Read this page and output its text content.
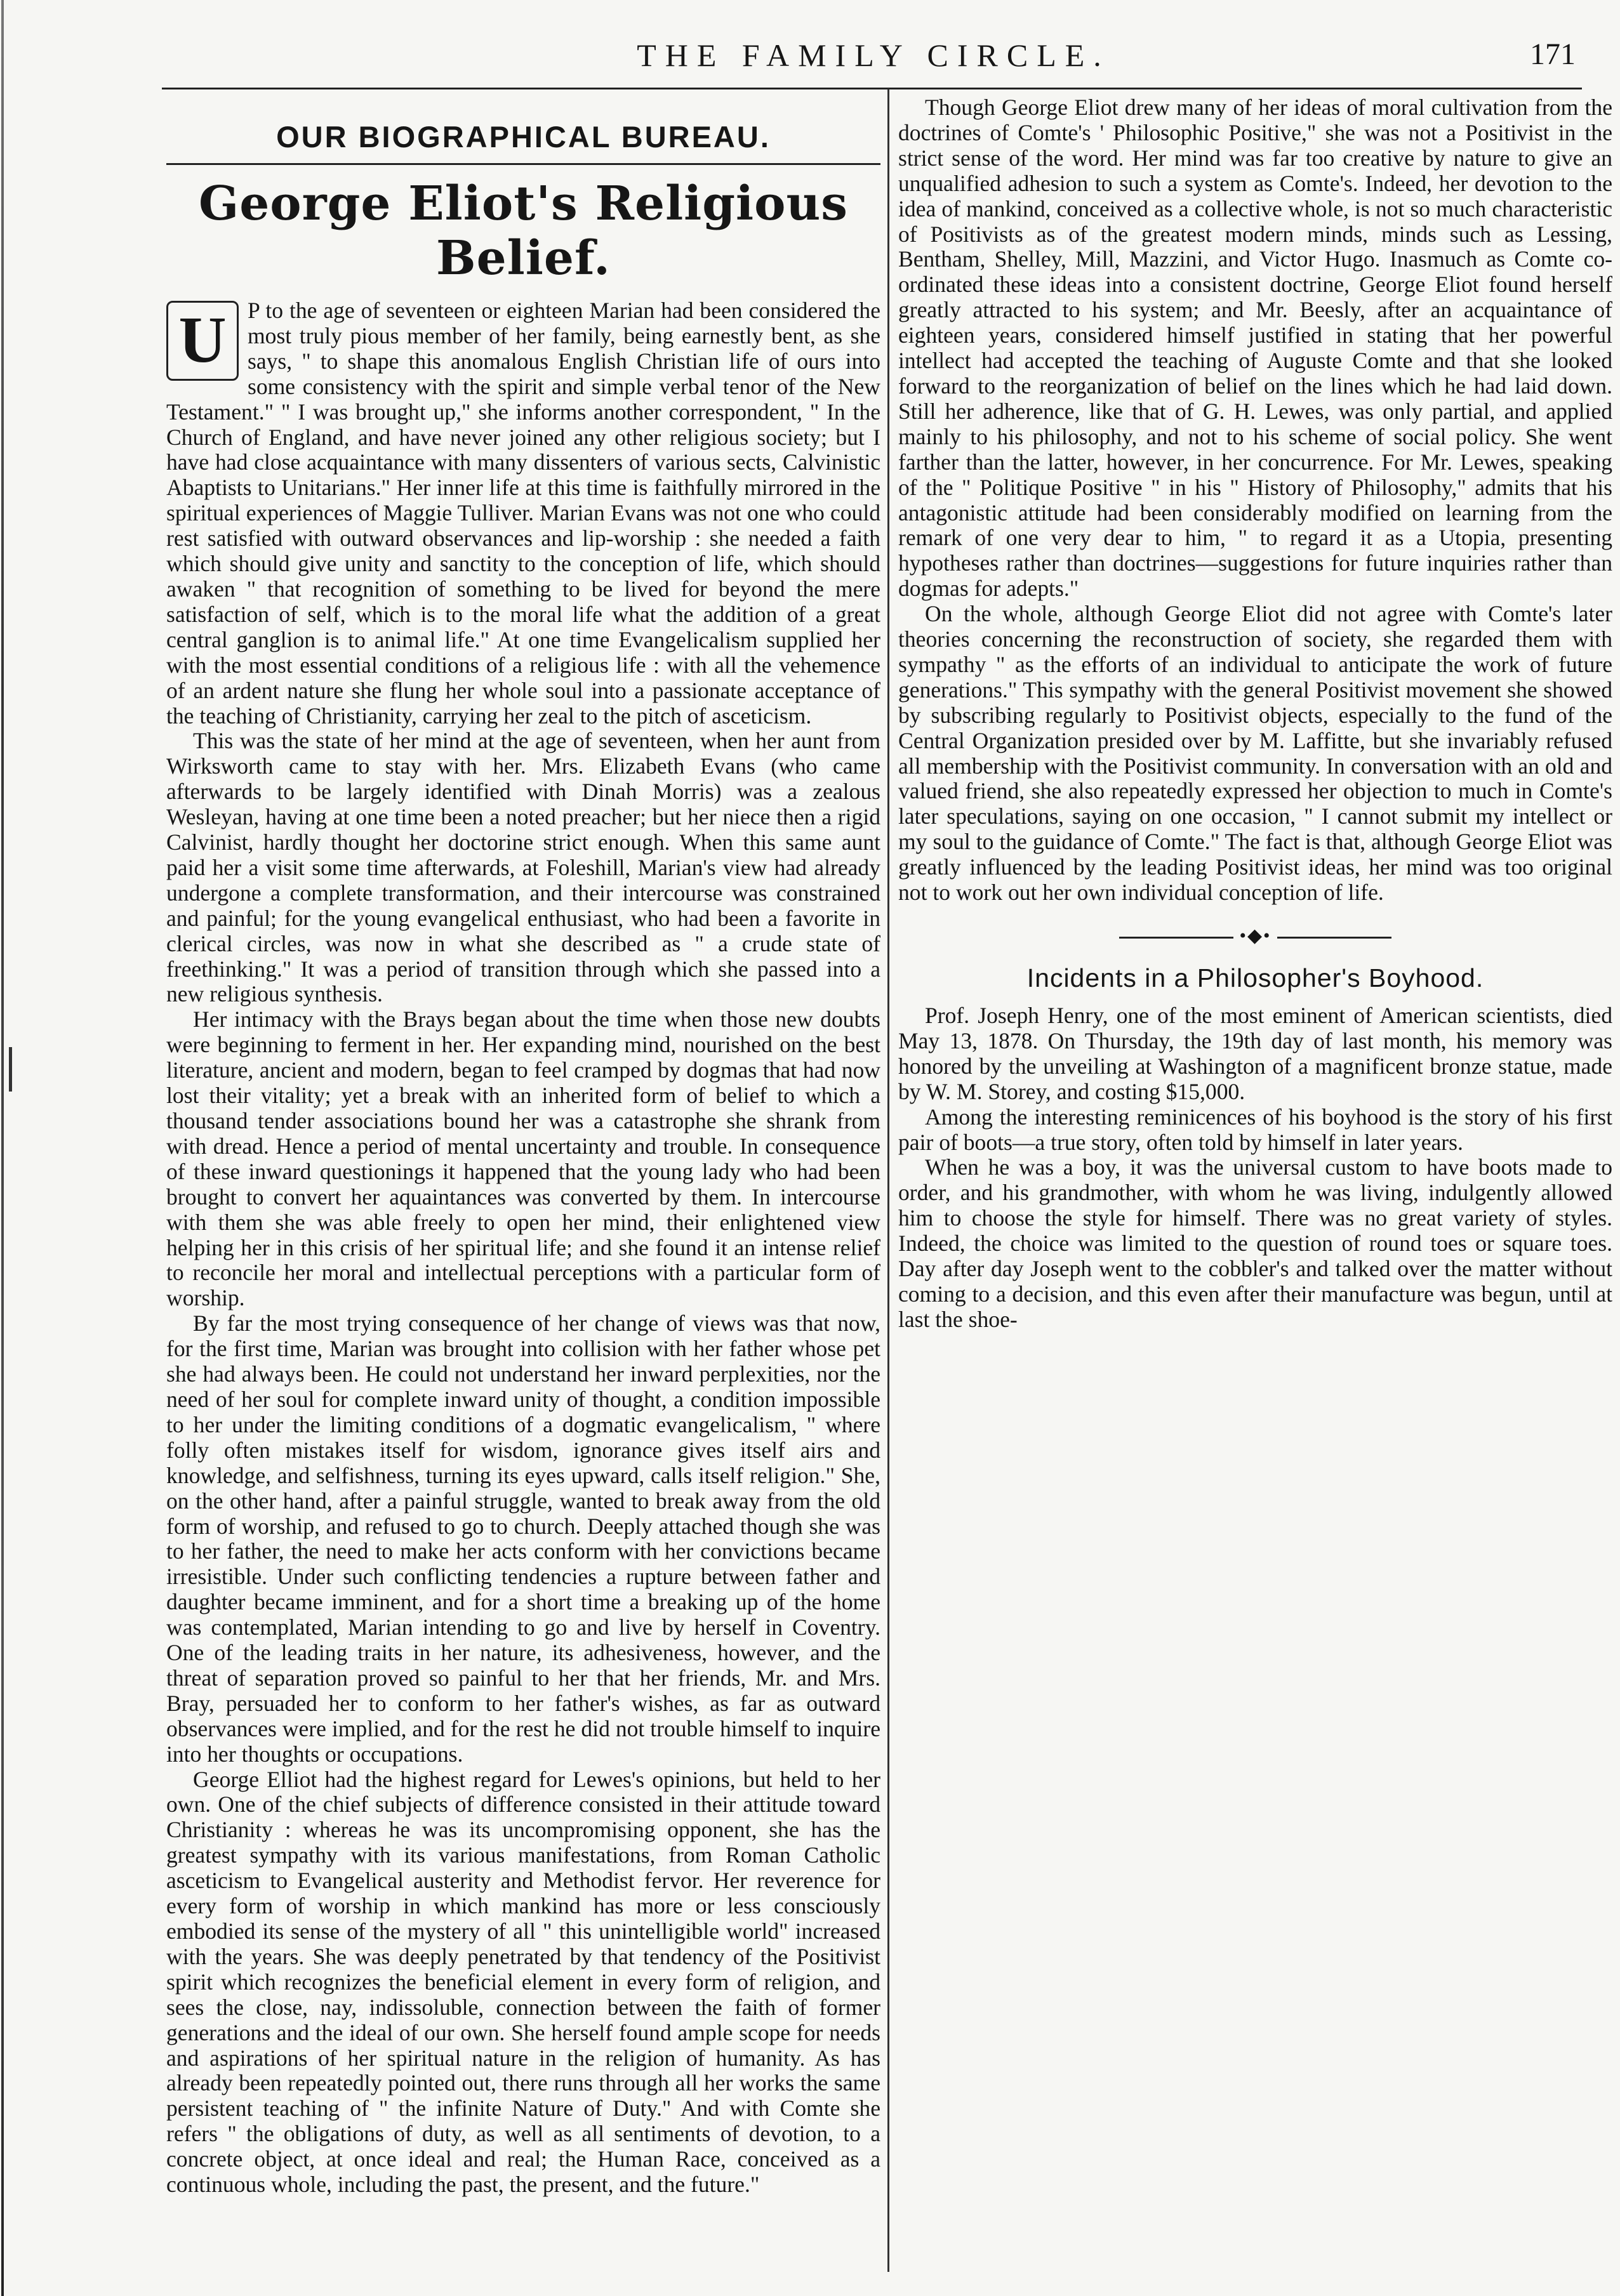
THE FAMILY CIRCLE.	171
OUR BIOGRAPHICAL BUREAU.
George Eliot's Religious Belief.

U P to the age of seventeen or eighteen Marian had been considered the most truly pious member of her family, being earnestly bent, as she says, " to shape this anomalous English Christian life of ours into some consistency with the spirit and simple verbal tenor of the New Testament." " I was brought up," she informs another correspondent, " In the Church of England, and have never joined any other religious society; but I have had close acquaintance with many dissenters of various sects, Calvinistic Abaptists to Unitarians." Her inner life at this time is faithfully mirrored in the spiritual experiences of Maggie Tulliver. Marian Evans was not one who could rest satisfied with outward observances and lip-worship : she needed a faith which should give unity and sanctity to the conception of life, which should awaken " that recognition of something to be lived for beyond the mere satisfaction of self, which is to the moral life what the addition of a great central ganglion is to animal life." At one time Evangelicalism supplied her with the most essential conditions of a religious life : with all the vehemence of an ardent nature she flung her whole soul into a passionate acceptance of the teaching of Christianity, carrying her zeal to the pitch of asceticism.

This was the state of her mind at the age of seventeen, when her aunt from Wirksworth came to stay with her. Mrs. Elizabeth Evans (who came afterwards to be largely identified with Dinah Morris) was a zealous Wesleyan, having at one time been a noted preacher; but her niece then a rigid Calvinist, hardly thought her doctorine strict enough. When this same aunt paid her a visit some time afterwards, at Foleshill, Marian's view had already undergone a complete transformation, and their intercourse was constrained and painful; for the young evangelical enthusiast, who had been a favorite in clerical circles, was now in what she described as " a crude state of freethinking." It was a period of transition through which she passed into a new religious synthesis.

Her intimacy with the Brays began about the time when those new doubts were beginning to ferment in her. Her expanding mind, nourished on the best literature, ancient and modern, began to feel cramped by dogmas that had now lost their vitality; yet a break with an inherited form of belief to which a thousand tender associations bound her was a catastrophe she shrank from with dread. Hence a period of mental uncertainty and trouble. In consequence of these inward questionings it happened that the young lady who had been brought to convert her aquaintances was converted by them. In intercourse with them she was able freely to open her mind, their enlightened view helping her in this crisis of her spiritual life; and she found it an intense relief to reconcile her moral and intellectual perceptions with a particular form of worship.

By far the most trying consequence of her change of views was that now, for the first time, Marian was brought into collision with her father whose pet she had always been. He could not understand her inward perplexities, nor the need of her soul for complete inward unity of thought, a condition impossible to her under the limiting conditions of a dogmatic evangelicalism, " where folly often mistakes itself for wisdom, ignorance gives itself airs and knowledge, and selfishness, turning its eyes upward, calls itself religion." She, on the other hand, after a painful struggle, wanted to break away from the old form of worship, and refused to go to church. Deeply attached though she was to her father, the need to make her acts conform with her convictions became irresistible. Under such conflicting tendencies a rupture between father and daughter became imminent, and for a short time a breaking up of the home was contemplated, Marian intending to go and live by herself in Coventry. One of the leading traits in her nature, its adhesiveness, however, and the threat of separation proved so painful to her that her friends, Mr. and Mrs. Bray, persuaded her to conform to her father's wishes, as far as outward observances were implied, and for the rest he did not trouble himself to inquire into her thoughts or occupations.

George Elliot had the highest regard for Lewes's opinions, but held to her own. One of the chief subjects of difference consisted in their attitude toward Christianity : whereas he was its uncompromising opponent, she has the greatest sympathy with its various manifestations, from Roman Catholic asceticism to Evangelical austerity and Methodist fervor. Her reverence for every form of worship in which mankind has more or less consciously embodied its sense of the mystery of all " this unintelligible world" increased with the years. She was deeply penetrated by that tendency of the Positivist spirit which recognizes the beneficial element in every form of religion, and sees the close, nay, indissoluble, connection between the faith of former generations and the ideal of our own. She herself found ample scope for needs and aspirations of her spiritual nature in the religion of humanity. As has already been repeatedly pointed out, there runs through all her works the same persistent teaching of " the infinite Nature of Duty." And with Comte she refers " the obligations of duty, as well as all sentiments of devotion, to a concrete object, at once ideal and real; the Human Race, conceived as a continuous whole, including the past, the present, and the future."

Though George Eliot drew many of her ideas of moral cultivation from the doctrines of Comte's ' Philosophic Positive," she was not a Positivist in the strict sense of the word. Her mind was far too creative by nature to give an unqualified adhesion to such a system as Comte's. Indeed, her devotion to the idea of mankind, conceived as a collective whole, is not so much characteristic of Positivists as of the greatest modern minds, minds such as Lessing, Bentham, Shelley, Mill, Mazzini, and Victor Hugo. Inasmuch as Comte co-ordinated these ideas into a consistent doctrine, George Eliot found herself greatly attracted to his system; and Mr. Beesly, after an acquaintance of eighteen years, considered himself justified in stating that her powerful intellect had accepted the teaching of Auguste Comte and that she looked forward to the reorganization of belief on the lines which he had laid down. Still her adherence, like that of G. H. Lewes, was only partial, and applied mainly to his philosophy, and not to his scheme of social policy. She went farther than the latter, however, in her concurrence. For Mr. Lewes, speaking of the " Politique Positive " in his " History of Philosophy," admits that his antagonistic attitude had been considerably modified on learning from the remark of one very dear to him, " to regard it as a Utopia, presenting hypotheses rather than doctrines—suggestions for future inquiries rather than dogmas for adepts."

On the whole, although George Eliot did not agree with Comte's later theories concerning the reconstruction of society, she regarded them with sympathy " as the efforts of an individual to anticipate the work of future generations." This sympathy with the general Positivist movement she showed by subscribing regularly to Positivist objects, especially to the fund of the Central Organization presided over by M. Laffitte, but she invariably refused all membership with the Positivist community. In conversation with an old and valued friend, she also repeatedly expressed her objection to much in Comte's later speculations, saying on one occasion, " I cannot submit my intellect or my soul to the guidance of Comte." The fact is that, although George Eliot was greatly influenced by the leading Positivist ideas, her mind was too original not to work out her own individual conception of life.

•◆•
Incidents in a Philosopher's Boyhood.

Prof. Joseph Henry, one of the most eminent of American scientists, died May 13, 1878. On Thursday, the 19th day of last month, his memory was honored by the unveiling at Washington of a magnificent bronze statue, made by W. M. Storey, and costing $15,000.

Among the interesting reminicences of his boyhood is the story of his first pair of boots—a true story, often told by himself in later years.

When he was a boy, it was the universal custom to have boots made to order, and his grandmother, with whom he was living, indulgently allowed him to choose the style for himself. There was no great variety of styles. Indeed, the choice was limited to the question of round toes or square toes. Day after day Joseph went to the cobbler's and talked over the matter without coming to a decision, and this even after their manufacture was begun, until at last the shoe-
